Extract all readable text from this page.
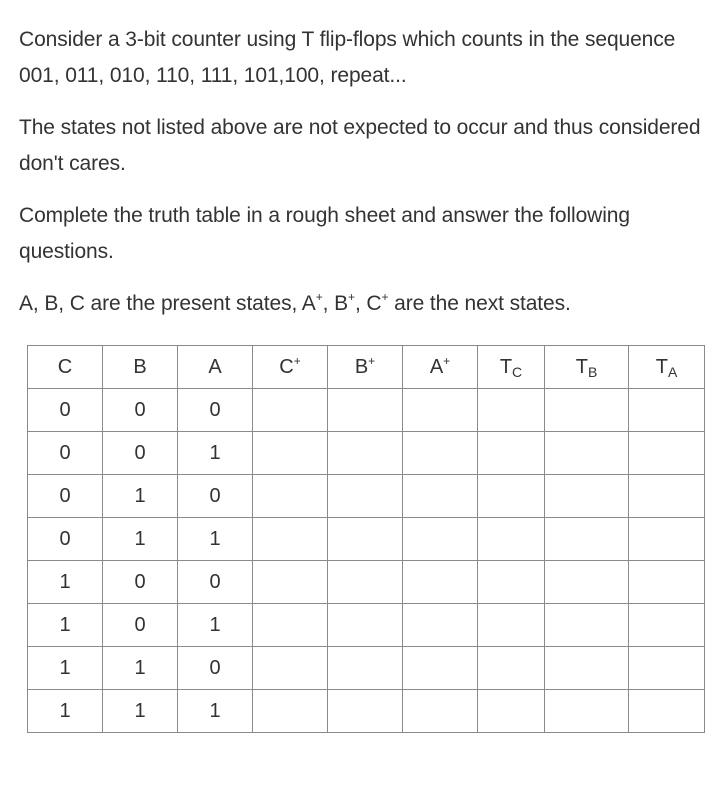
Consider a 3-bit counter using T flip-flops which counts in the sequence 001, 011, 010, 110, 111, 101,100, repeat...

The states not listed above are not expected to occur and thus considered don't cares.

Complete the truth table in a rough sheet and answer the following questions.

A, B, C are the present states, A+, B+, C+ are the next states.

C	B	A	C+	B+	A+	$T_C$	$T_B$	$T_A$
0	0	0						
0	0	1						
0	1	0						
0	1	1						
1	0	0						
1	0	1						
1	1	0						
1	1	1						
